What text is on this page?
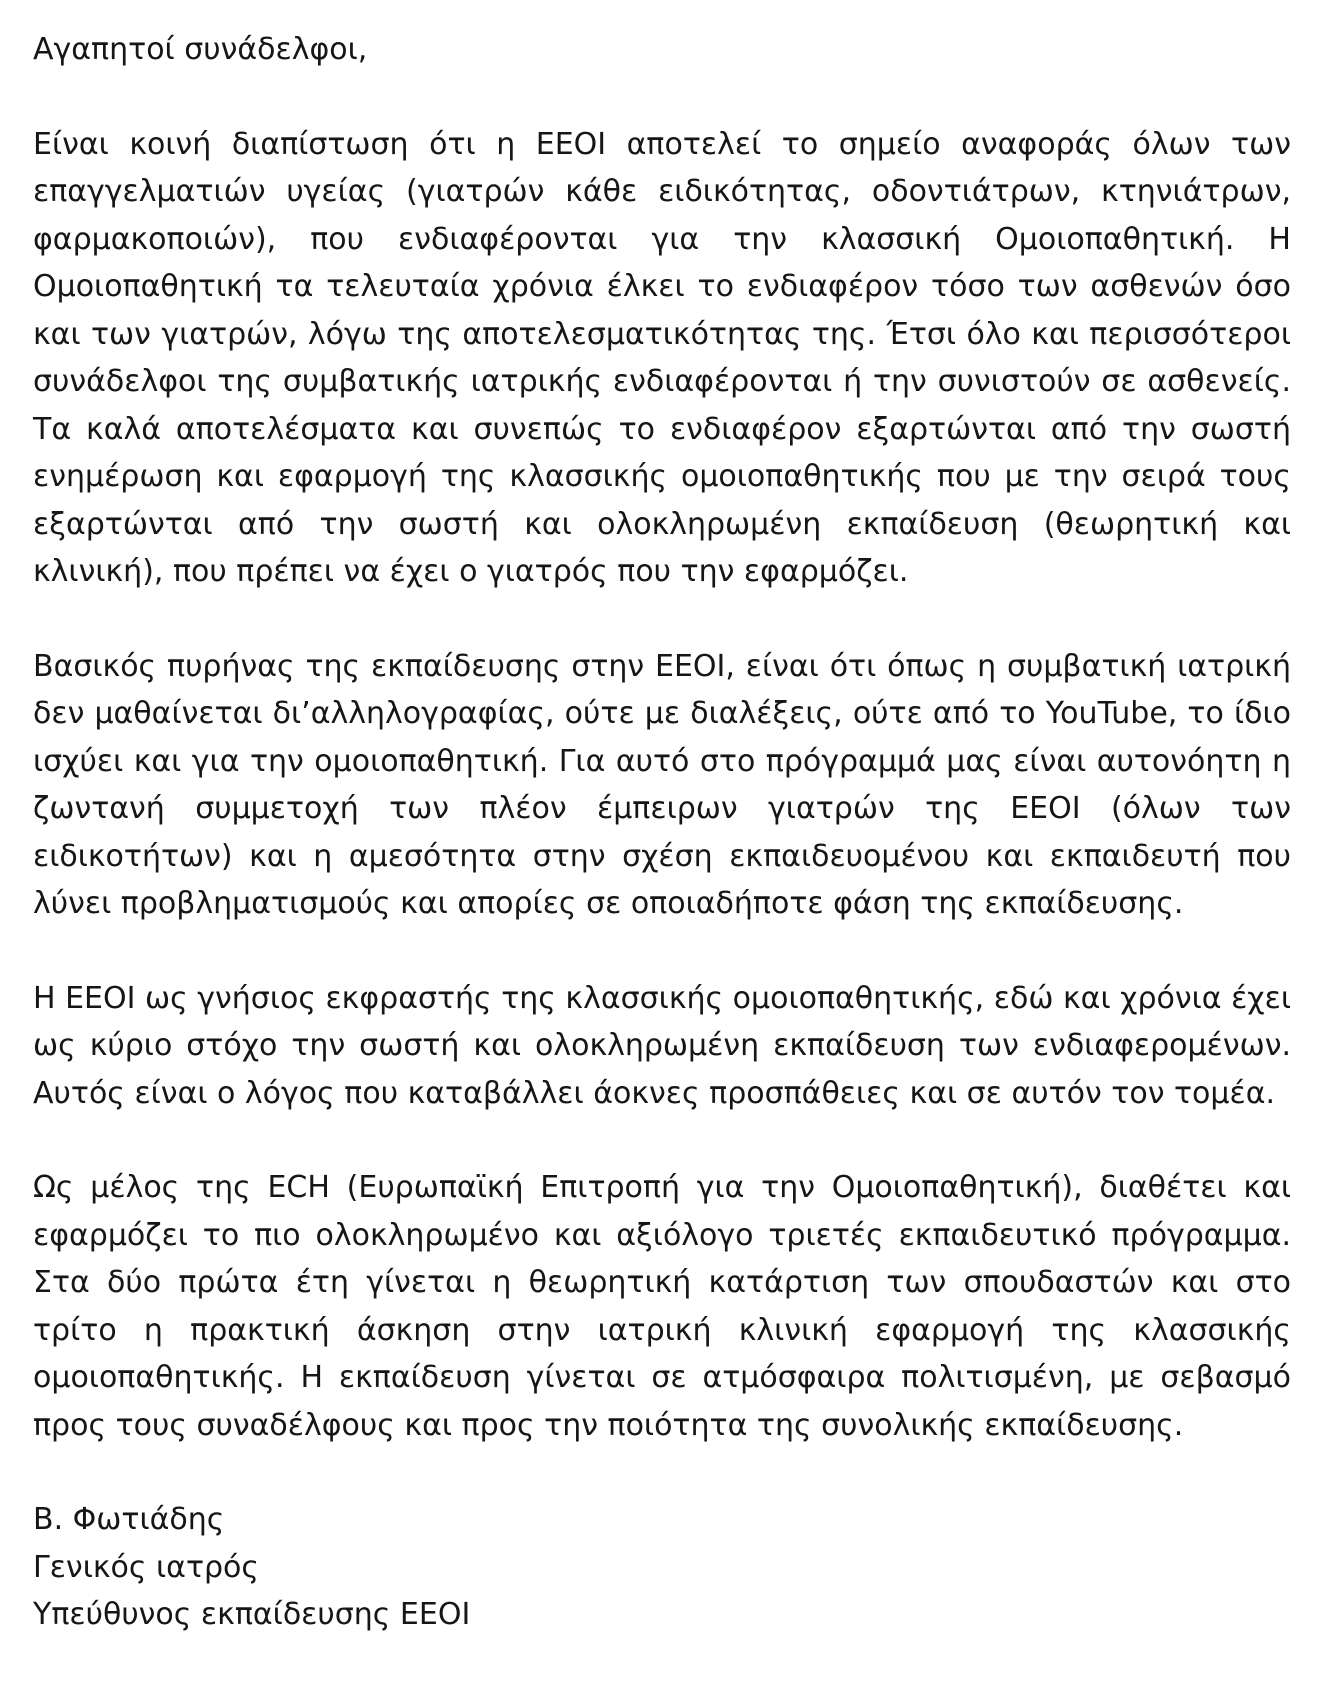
Αγαπητοί συνάδελφοι,

Είναι κοινή διαπίστωση ότι η ΕΕΟΙ αποτελεί το σημείο αναφοράς όλων των επαγγελματιών υγείας (γιατρών κάθε ειδικότητας, οδοντιάτρων, κτηνιάτρων, φαρμακοποιών), που ενδιαφέρονται για την κλασσική Ομοιοπαθητική. Η Ομοιοπαθητική τα τελευταία χρόνια έλκει το ενδιαφέρον τόσο των ασθενών όσο και των γιατρών, λόγω της αποτελεσματικότητας της. Έτσι όλο και περισσότεροι συνάδελφοι της συμβατικής ιατρικής ενδιαφέρονται ή την συνιστούν σε ασθενείς. Τα καλά αποτελέσματα και συνεπώς το ενδιαφέρον εξαρτώνται από την σωστή ενημέρωση και εφαρμογή της κλασσικής ομοιοπαθητικής που με την σειρά τους εξαρτώνται από την σωστή και ολοκληρωμένη εκπαίδευση (θεωρητική και κλινική), που πρέπει να έχει ο γιατρός που την εφαρμόζει.

Βασικός πυρήνας της εκπαίδευσης στην ΕΕΟΙ, είναι ότι όπως η συμβατική ιατρική δεν μαθαίνεται δι’αλληλογραφίας, ούτε με διαλέξεις, ούτε από το YouTube, το ίδιο ισχύει και για την ομοιοπαθητική. Για αυτό στο πρόγραμμά μας είναι αυτονόητη η ζωντανή συμμετοχή των πλέον έμπειρων γιατρών της ΕΕΟΙ (όλων των ειδικοτήτων) και η αμεσότητα στην σχέση εκπαιδευομένου και εκπαιδευτή που λύνει προβληματισμούς και απορίες σε οποιαδήποτε φάση της εκπαίδευσης.

Η ΕΕΟΙ ως γνήσιος εκφραστής της κλασσικής ομοιοπαθητικής, εδώ και χρόνια έχει ως κύριο στόχο την σωστή και ολοκληρωμένη εκπαίδευση των ενδιαφερομένων. Αυτός είναι ο λόγος που καταβάλλει άοκνες προσπάθειες και σε αυτόν τον τομέα.

Ως μέλος της ECH (Ευρωπαϊκή Επιτροπή για την Ομοιοπαθητική), διαθέτει και εφαρμόζει το πιο ολοκληρωμένο και αξιόλογο τριετές εκπαιδευτικό πρόγραμμα. Στα δύο πρώτα έτη γίνεται η θεωρητική κατάρτιση των σπουδαστών και στο τρίτο η πρακτική άσκηση στην ιατρική κλινική εφαρμογή της κλασσικής ομοιοπαθητικής. Η εκπαίδευση γίνεται σε ατμόσφαιρα πολιτισμένη, με σεβασμό προς τους συναδέλφους και προς την ποιότητα της συνολικής εκπαίδευσης.

Β. Φωτιάδης

Γενικός ιατρός

Υπεύθυνος εκπαίδευσης ΕΕΟΙ
